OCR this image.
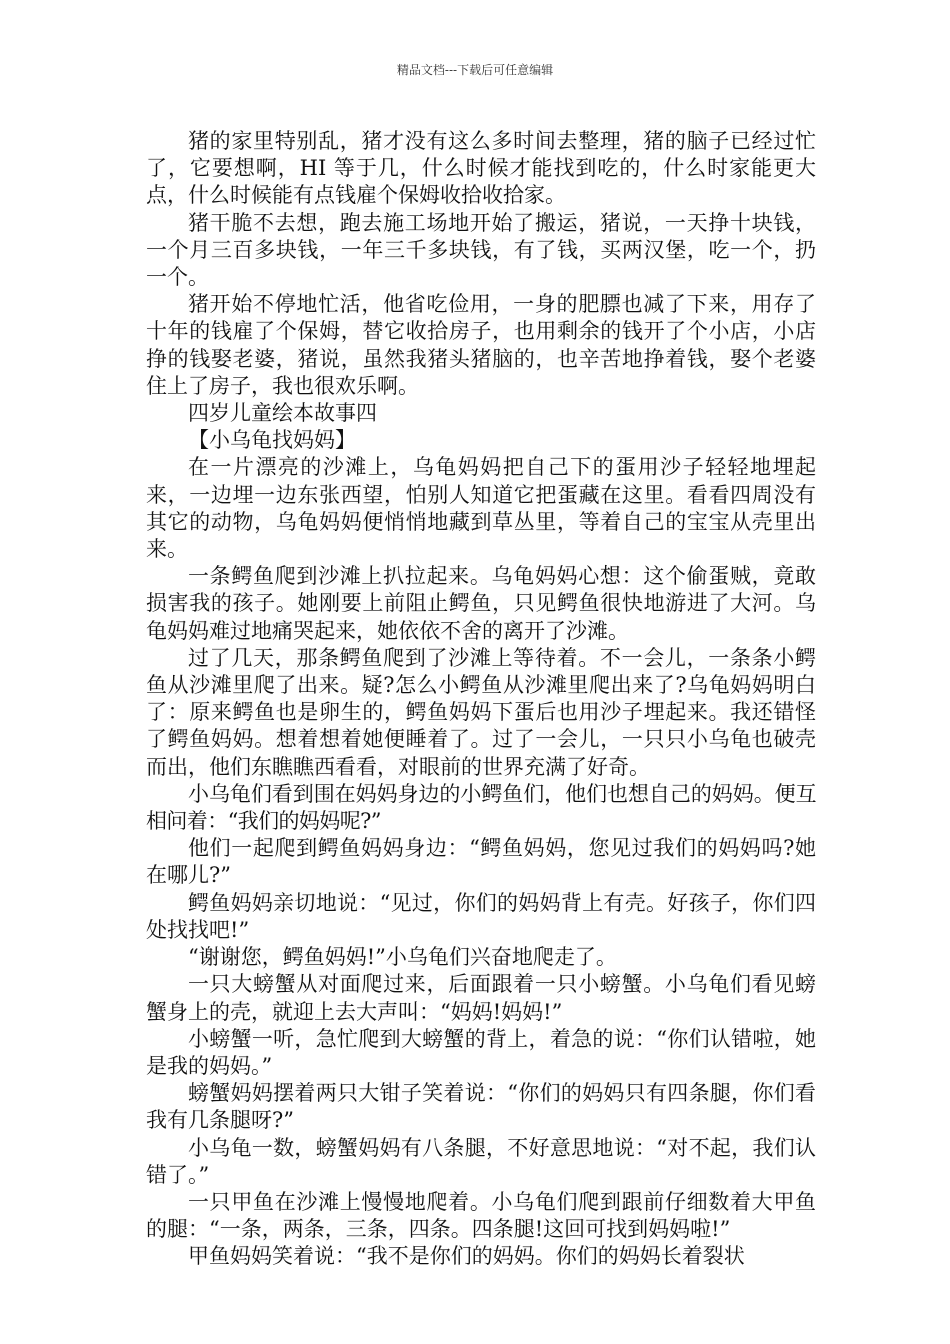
精品文档---下载后可任意编辑

猪的家里特别乱，猪才没有这么多时间去整理，猪的脑子已经过忙了，它要想啊，HI 等于几，什么时候才能找到吃的，什么时家能更大点，什么时候能有点钱雇个保姆收拾收拾家。

猪干脆不去想，跑去施工场地开始了搬运，猪说，一天挣十块钱，一个月三百多块钱，一年三千多块钱，有了钱，买两汉堡，吃一个，扔一个。

猪开始不停地忙活，他省吃俭用，一身的肥膘也减了下来，用存了十年的钱雇了个保姆，替它收拾房子，也用剩余的钱开了个小店，小店挣的钱娶老婆，猪说，虽然我猪头猪脑的，也辛苦地挣着钱，娶个老婆住上了房子，我也很欢乐啊。

四岁儿童绘本故事四

【小乌龟找妈妈】

在一片漂亮的沙滩上，乌龟妈妈把自己下的蛋用沙子轻轻地埋起来，一边埋一边东张西望，怕别人知道它把蛋藏在这里。看看四周没有其它的动物，乌龟妈妈便悄悄地藏到草丛里，等着自己的宝宝从壳里出来。

一条鳄鱼爬到沙滩上扒拉起来。乌龟妈妈心想：这个偷蛋贼，竟敢损害我的孩子。她刚要上前阻止鳄鱼，只见鳄鱼很快地游进了大河。乌龟妈妈难过地痛哭起来，她依依不舍的离开了沙滩。

过了几天，那条鳄鱼爬到了沙滩上等待着。不一会儿，一条条小鳄鱼从沙滩里爬了出来。疑?怎么小鳄鱼从沙滩里爬出来了?乌龟妈妈明白了：原来鳄鱼也是卵生的，鳄鱼妈妈下蛋后也用沙子埋起来。我还错怪了鳄鱼妈妈。想着想着她便睡着了。过了一会儿，一只只小乌龟也破壳而出，他们东瞧瞧西看看，对眼前的世界充满了好奇。

小乌龟们看到围在妈妈身边的小鳄鱼们，他们也想自己的妈妈。便互相问着：“我们的妈妈呢?”

他们一起爬到鳄鱼妈妈身边：“鳄鱼妈妈，您见过我们的妈妈吗?她在哪儿?”

鳄鱼妈妈亲切地说：“见过，你们的妈妈背上有壳。好孩子，你们四处找找吧!”

“谢谢您，鳄鱼妈妈!”小乌龟们兴奋地爬走了。

一只大螃蟹从对面爬过来，后面跟着一只小螃蟹。小乌龟们看见螃蟹身上的壳，就迎上去大声叫：“妈妈!妈妈!”

小螃蟹一听，急忙爬到大螃蟹的背上，着急的说：“你们认错啦，她是我的妈妈。”

螃蟹妈妈摆着两只大钳子笑着说：“你们的妈妈只有四条腿，你们看我有几条腿呀?”

小乌龟一数，螃蟹妈妈有八条腿，不好意思地说：“对不起，我们认错了。”

一只甲鱼在沙滩上慢慢地爬着。小乌龟们爬到跟前仔细数着大甲鱼的腿：“一条，两条，三条，四条。四条腿!这回可找到妈妈啦!”

甲鱼妈妈笑着说：“我不是你们的妈妈。你们的妈妈长着裂状
